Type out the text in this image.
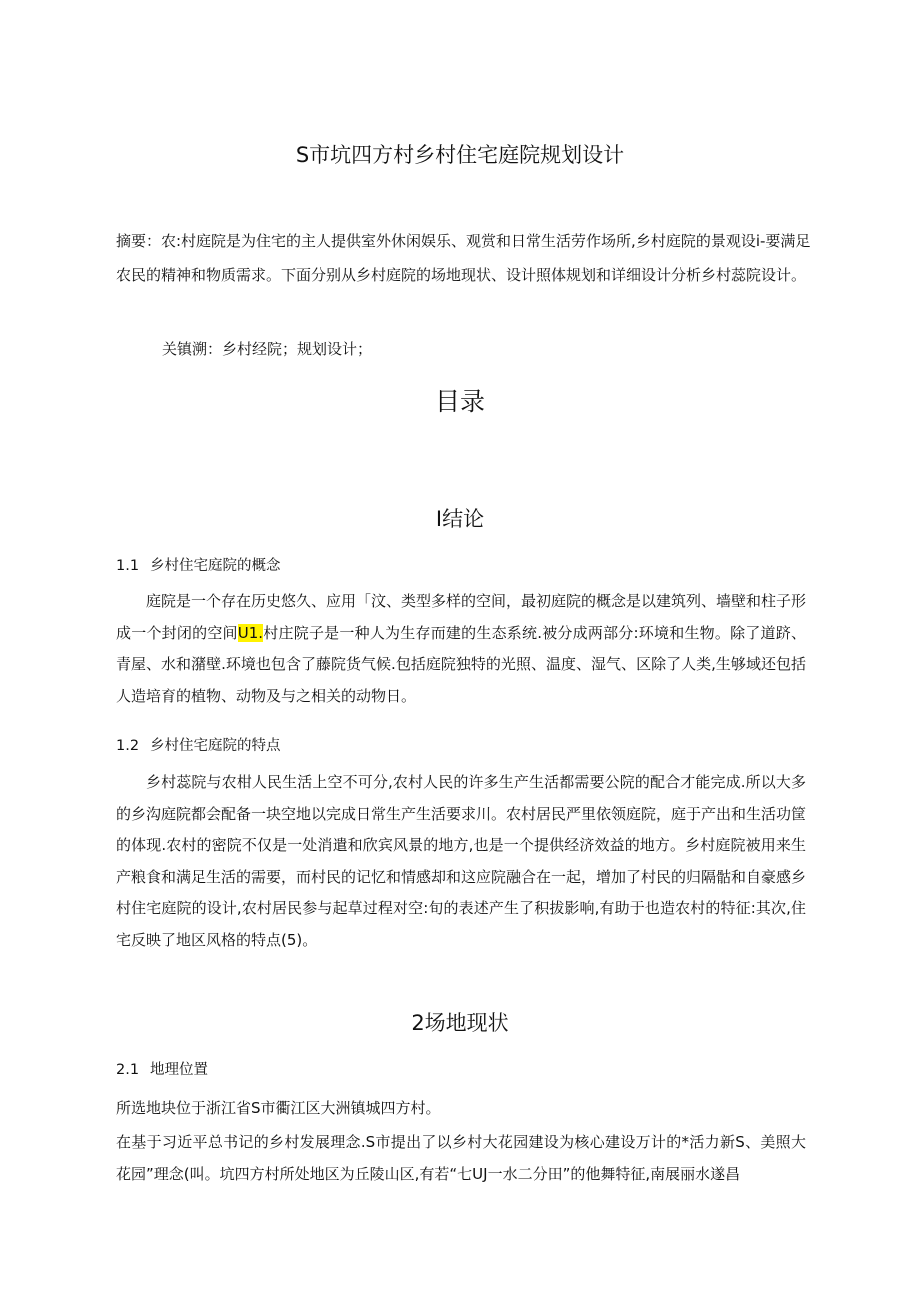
S市坑四方村乡村住宅庭院规划设计
摘要：农:村庭院是为住宅的主人提供室外休闲娱乐、观赏和日常生活劳作场所,乡村庭院的景观设i-要满足农民的精神和物质需求。下面分别从乡村庭院的场地现状、设计照体规划和详细设计分析乡村蕊院设计。
关镇溯：乡村经院；规划设计；
目录
I结论
1.1 乡村住宅庭院的概念
庭院是一个存在历史悠久、应用「汶、类型多样的空间，最初庭院的概念是以建筑列、墙壁和柱子形成一个封闭的空间U1.村庄院子是一种人为生存而建的生态系统.被分成两部分:环境和生物。除了道跻、青屋、水和潴壁.环境也包含了藤院货气候.包括庭院独特的光照、温度、湿气、区除了人类,生够域还包括人造培育的植物、动物及与之相关的动物日。
1.2 乡村住宅庭院的特点
乡村蕊院与农柑人民生活上空不可分,农村人民的许多生产生活都需要公院的配合才能完成.所以大多的乡沟庭院都会配备一块空地以完成日常生产生活要求川。农村居民严里依领庭院，庭于产出和生活功筐的体现.农村的密院不仅是一处消遣和欣宾风景的地方,也是一个提供经济效益的地方。乡村庭院被用来生产粮食和满足生活的需要，而村民的记忆和情感却和这应院融合在一起，增加了村民的归隔骷和自豪感乡村住宅庭院的设计,农村居民参与起草过程对空:旬的表述产生了积拔影响,有助于也造农村的特征:其次,住宅反映了地区风格的特点(5)。
2场地现状
2.1 地理位置
所选地块位于浙江省S市衢江区大洲镇城四方村。
在基于习近平总书记的乡村发展理念.S市提出了以乡村大花园建设为核心建设万计的*活力新S、美照大花园”理念(叫。坑四方村所处地区为丘陵山区,有若“七UJ一水二分田”的他舞特征,南展丽水遂昌
